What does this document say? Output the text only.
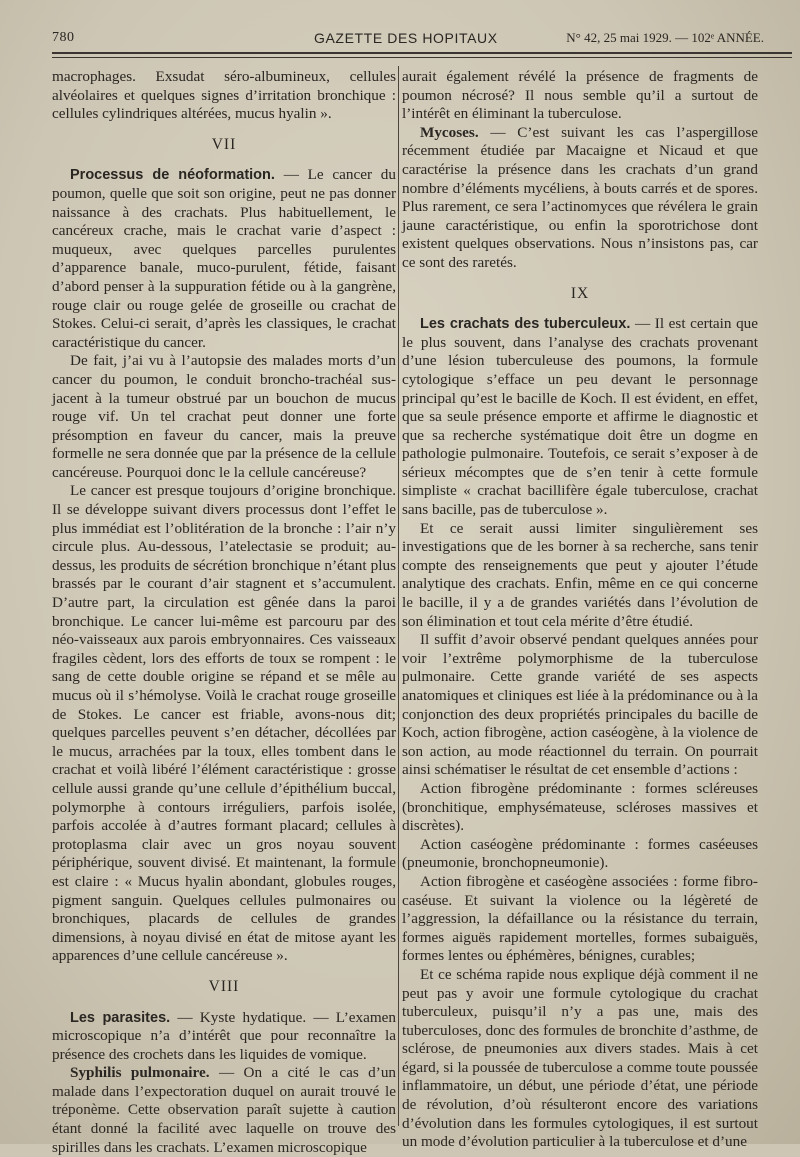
780	GAZETTE DES HOPITAUX	N° 42, 25 mai 1929. — 102ᵉ ANNÉE.

macrophages. Exsudat séro-albumineux, cellules alvéolaires et quelques signes d’irritation bronchique : cellules cylindriques altérées, mucus hyalin ».

VII

Processus de néoformation. — Le cancer du poumon, quelle que soit son origine, peut ne pas donner naissance à des crachats. Plus habituellement, le cancéreux crache, mais le crachat varie d’aspect : muqueux, avec quelques parcelles purulentes d’apparence banale, muco-purulent, fétide, faisant d’abord penser à la suppuration fétide ou à la gangrène, rouge clair ou rouge gelée de groseille ou crachat de Stokes. Celui-ci serait, d’après les classiques, le crachat caractéristique du cancer.

De fait, j’ai vu à l’autopsie des malades morts d’un cancer du poumon, le conduit broncho-trachéal sus-jacent à la tumeur obstrué par un bouchon de mucus rouge vif. Un tel crachat peut donner une forte présomption en faveur du cancer, mais la preuve formelle ne sera donnée que par la présence de la cellule cancéreuse. Pourquoi donc le la cellule cancéreuse?

Le cancer est presque toujours d’origine bronchique. Il se développe suivant divers processus dont l’effet le plus immédiat est l’oblitération de la bronche : l’air n’y circule plus. Au-dessous, l’atelectasie se produit; au-dessus, les produits de sécrétion bronchique n’étant plus brassés par le courant d’air stagnent et s’accumulent. D’autre part, la circulation est gênée dans la paroi bronchique. Le cancer lui-même est parcouru par des néo-vaisseaux aux parois embryonnaires. Ces vaisseaux fragiles cèdent, lors des efforts de toux se rompent : le sang de cette double origine se répand et se mêle au mucus où il s’hémolyse. Voilà le crachat rouge groseille de Stokes. Le cancer est friable, avons-nous dit; quelques parcelles peuvent s’en détacher, décollées par le mucus, arrachées par la toux, elles tombent dans le crachat et voilà libéré l’élément caractéristique : grosse cellule aussi grande qu’une cellule d’épithélium buccal, polymorphe à contours irréguliers, parfois isolée, parfois accolée à d’autres formant placard; cellules à protoplasma clair avec un gros noyau souvent périphérique, souvent divisé. Et maintenant, la formule est claire : « Mucus hyalin abondant, globules rouges, pigment sanguin. Quelques cellules pulmonaires ou bronchiques, placards de cellules de grandes dimensions, à noyau divisé en état de mitose ayant les apparences d’une cellule cancéreuse ».

VIII

Les parasites. — Kyste hydatique. — L’examen microscopique n’a d’intérêt que pour reconnaître la présence des crochets dans les liquides de vomique.

Syphilis pulmonaire. — On a cité le cas d’un malade dans l’expectoration duquel on aurait trouvé le tréponème. Cette observation paraît sujette à caution étant donné la facilité avec laquelle on trouve des spirilles dans les crachats. L’examen microscopique

aurait également révélé la présence de fragments de poumon nécrosé? Il nous semble qu’il a surtout de l’intérêt en éliminant la tuberculose.

Mycoses. — C’est suivant les cas l’aspergillose récemment étudiée par Macaigne et Nicaud et que caractérise la présence dans les crachats d’un grand nombre d’éléments mycéliens, à bouts carrés et de spores. Plus rarement, ce sera l’actinomyces que révélera le grain jaune caractéristique, ou enfin la sporotrichose dont existent quelques observations. Nous n’insistons pas, car ce sont des raretés.

IX

Les crachats des tuberculeux. — Il est certain que le plus souvent, dans l’analyse des crachats provenant d’une lésion tuberculeuse des poumons, la formule cytologique s’efface un peu devant le personnage principal qu’est le bacille de Koch. Il est évident, en effet, que sa seule présence emporte et affirme le diagnostic et que sa recherche systématique doit être un dogme en pathologie pulmonaire. Toutefois, ce serait s’exposer à de sérieux mécomptes que de s’en tenir à cette formule simpliste « crachat bacillifère égale tuberculose, crachat sans bacille, pas de tuberculose ».

Et ce serait aussi limiter singulièrement ses investigations que de les borner à sa recherche, sans tenir compte des renseignements que peut y ajouter l’étude analytique des crachats. Enfin, même en ce qui concerne le bacille, il y a de grandes variétés dans l’évolution de son élimination et tout cela mérite d’être étudié.

Il suffit d’avoir observé pendant quelques années pour voir l’extrême polymorphisme de la tuberculose pulmonaire. Cette grande variété de ses aspects anatomiques et cliniques est liée à la prédominance ou à la conjonction des deux propriétés principales du bacille de Koch, action fibrogène, action caséogène, à la violence de son action, au mode réactionnel du terrain. On pourrait ainsi schématiser le résultat de cet ensemble d’actions :

Action fibrogène prédominante : formes scléreuses (bronchitique, emphysémateuse, scléroses massives et discrètes).

Action caséogène prédominante : formes caséeuses (pneumonie, bronchopneumonie).

Action fibrogène et caséogène associées : forme fibro-caséuse. Et suivant la violence ou la légèreté de l’aggression, la défaillance ou la résistance du terrain, formes aiguës rapidement mortelles, formes subaiguës, formes lentes ou éphémères, bénignes, curables;

Et ce schéma rapide nous explique déjà comment il ne peut pas y avoir une formule cytologique du crachat tuberculeux, puisqu’il n’y a pas une, mais des tuberculoses, donc des formules de bronchite d’asthme, de sclérose, de pneumonies aux divers stades. Mais à cet égard, si la poussée de tuberculose a comme toute poussée inflammatoire, un début, une période d’état, une période de révolution, d’où résulteront encore des variations d’évolution dans les formules cytologiques, il est surtout un mode d’évolution particulier à la tuberculose et d’une
